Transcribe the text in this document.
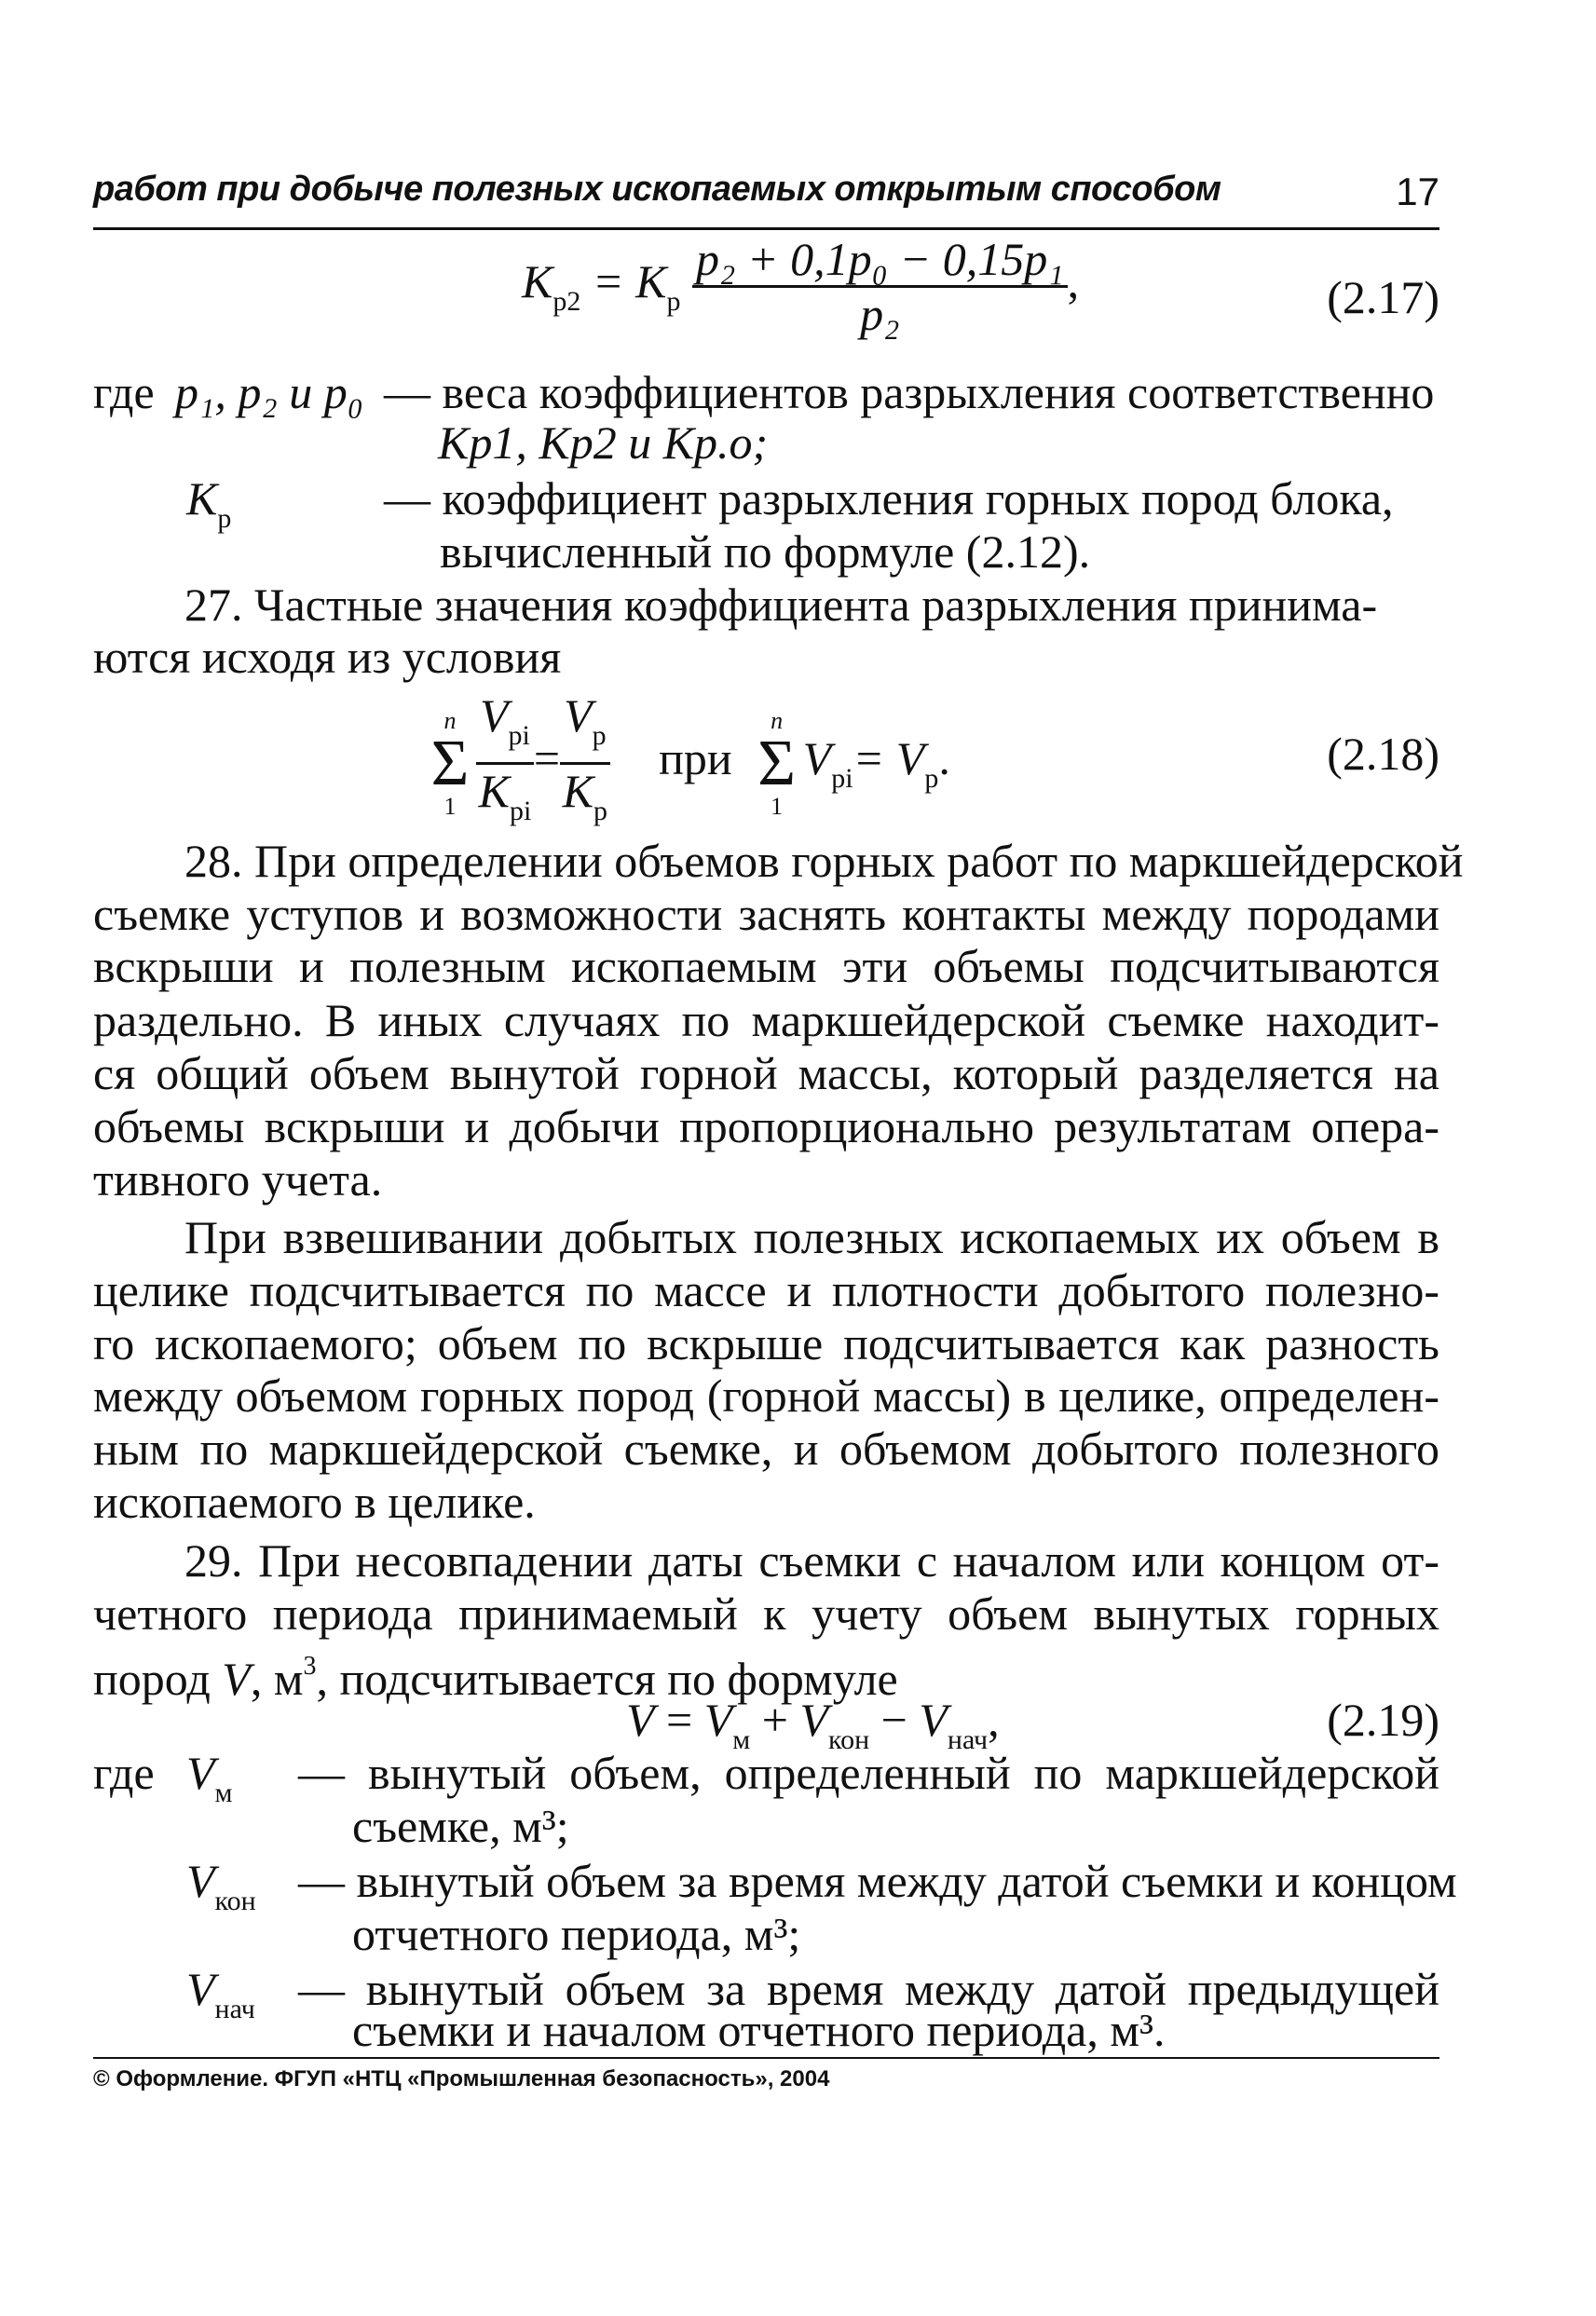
работ при добыче полезных ископаемых открытым способом	17
$K_{p2} = K_p \frac{\text{p₂ + 0,1p₀ − 0,15p₁}}{\text{p₂}}$ ,	(2.17)
где p₁, p₂ и p₀ — веса коэффициентов разрыхления соответственно
Kр1, Kр2 и Kр.о;
$K_р$	— коэффициент разрыхления горных пород блока,
вычисленный по формуле (2.12).
27. Частные значения коэффициента разрыхления принима-
ются исходя из условия
n
Σ
$1 \frac{V_{pi}}{K_{pi}} = \frac{V_p}{K_p}$ при
n
Σ
1
$V_{pi}= V_p$.	(2.18)
28. При определении объемов горных работ по маркшейдерской
съемке уступов и возможности заснять контакты между породами
вскрыши и полезным ископаемым эти объемы подсчитываются
раздельно. В иных случаях по маркшейдерской съемке находит-
ся общий объем вынутой горной массы, который разделяется на
объемы вскрыши и добычи пропорционально результатам опера-
тивного учета.
При взвешивании добытых полезных ископаемых их объем в
целике подсчитывается по массе и плотности добытого полезно-
го ископаемого; объем по вскрыше подсчитывается как разность
между объемом горных пород (горной массы) в целике, определен-
ным по маркшейдерской съемке, и объемом добытого полезного
ископаемого в целике.
29. При несовпадении даты съемки с началом или концом от-
четного периода принимаемый к учету объем вынутых горных
пород V, $м^3$, подсчитывается по формуле
$V = V_м + V_{кон} - V_{нач}$,	(2.19)
где $V_м$ — вынутый объем, определенный по маркшейдерской
съемке, м³;
$V_{кон}$ — вынутый объем за время между датой съемки и концом
отчетного периода, м³;
$V_{нач}$ — вынутый объем за время между датой предыдущей
съемки и началом отчетного периода, м³.
© Оформление. ФГУП «НТЦ «Промышленная безопасность», 2004
